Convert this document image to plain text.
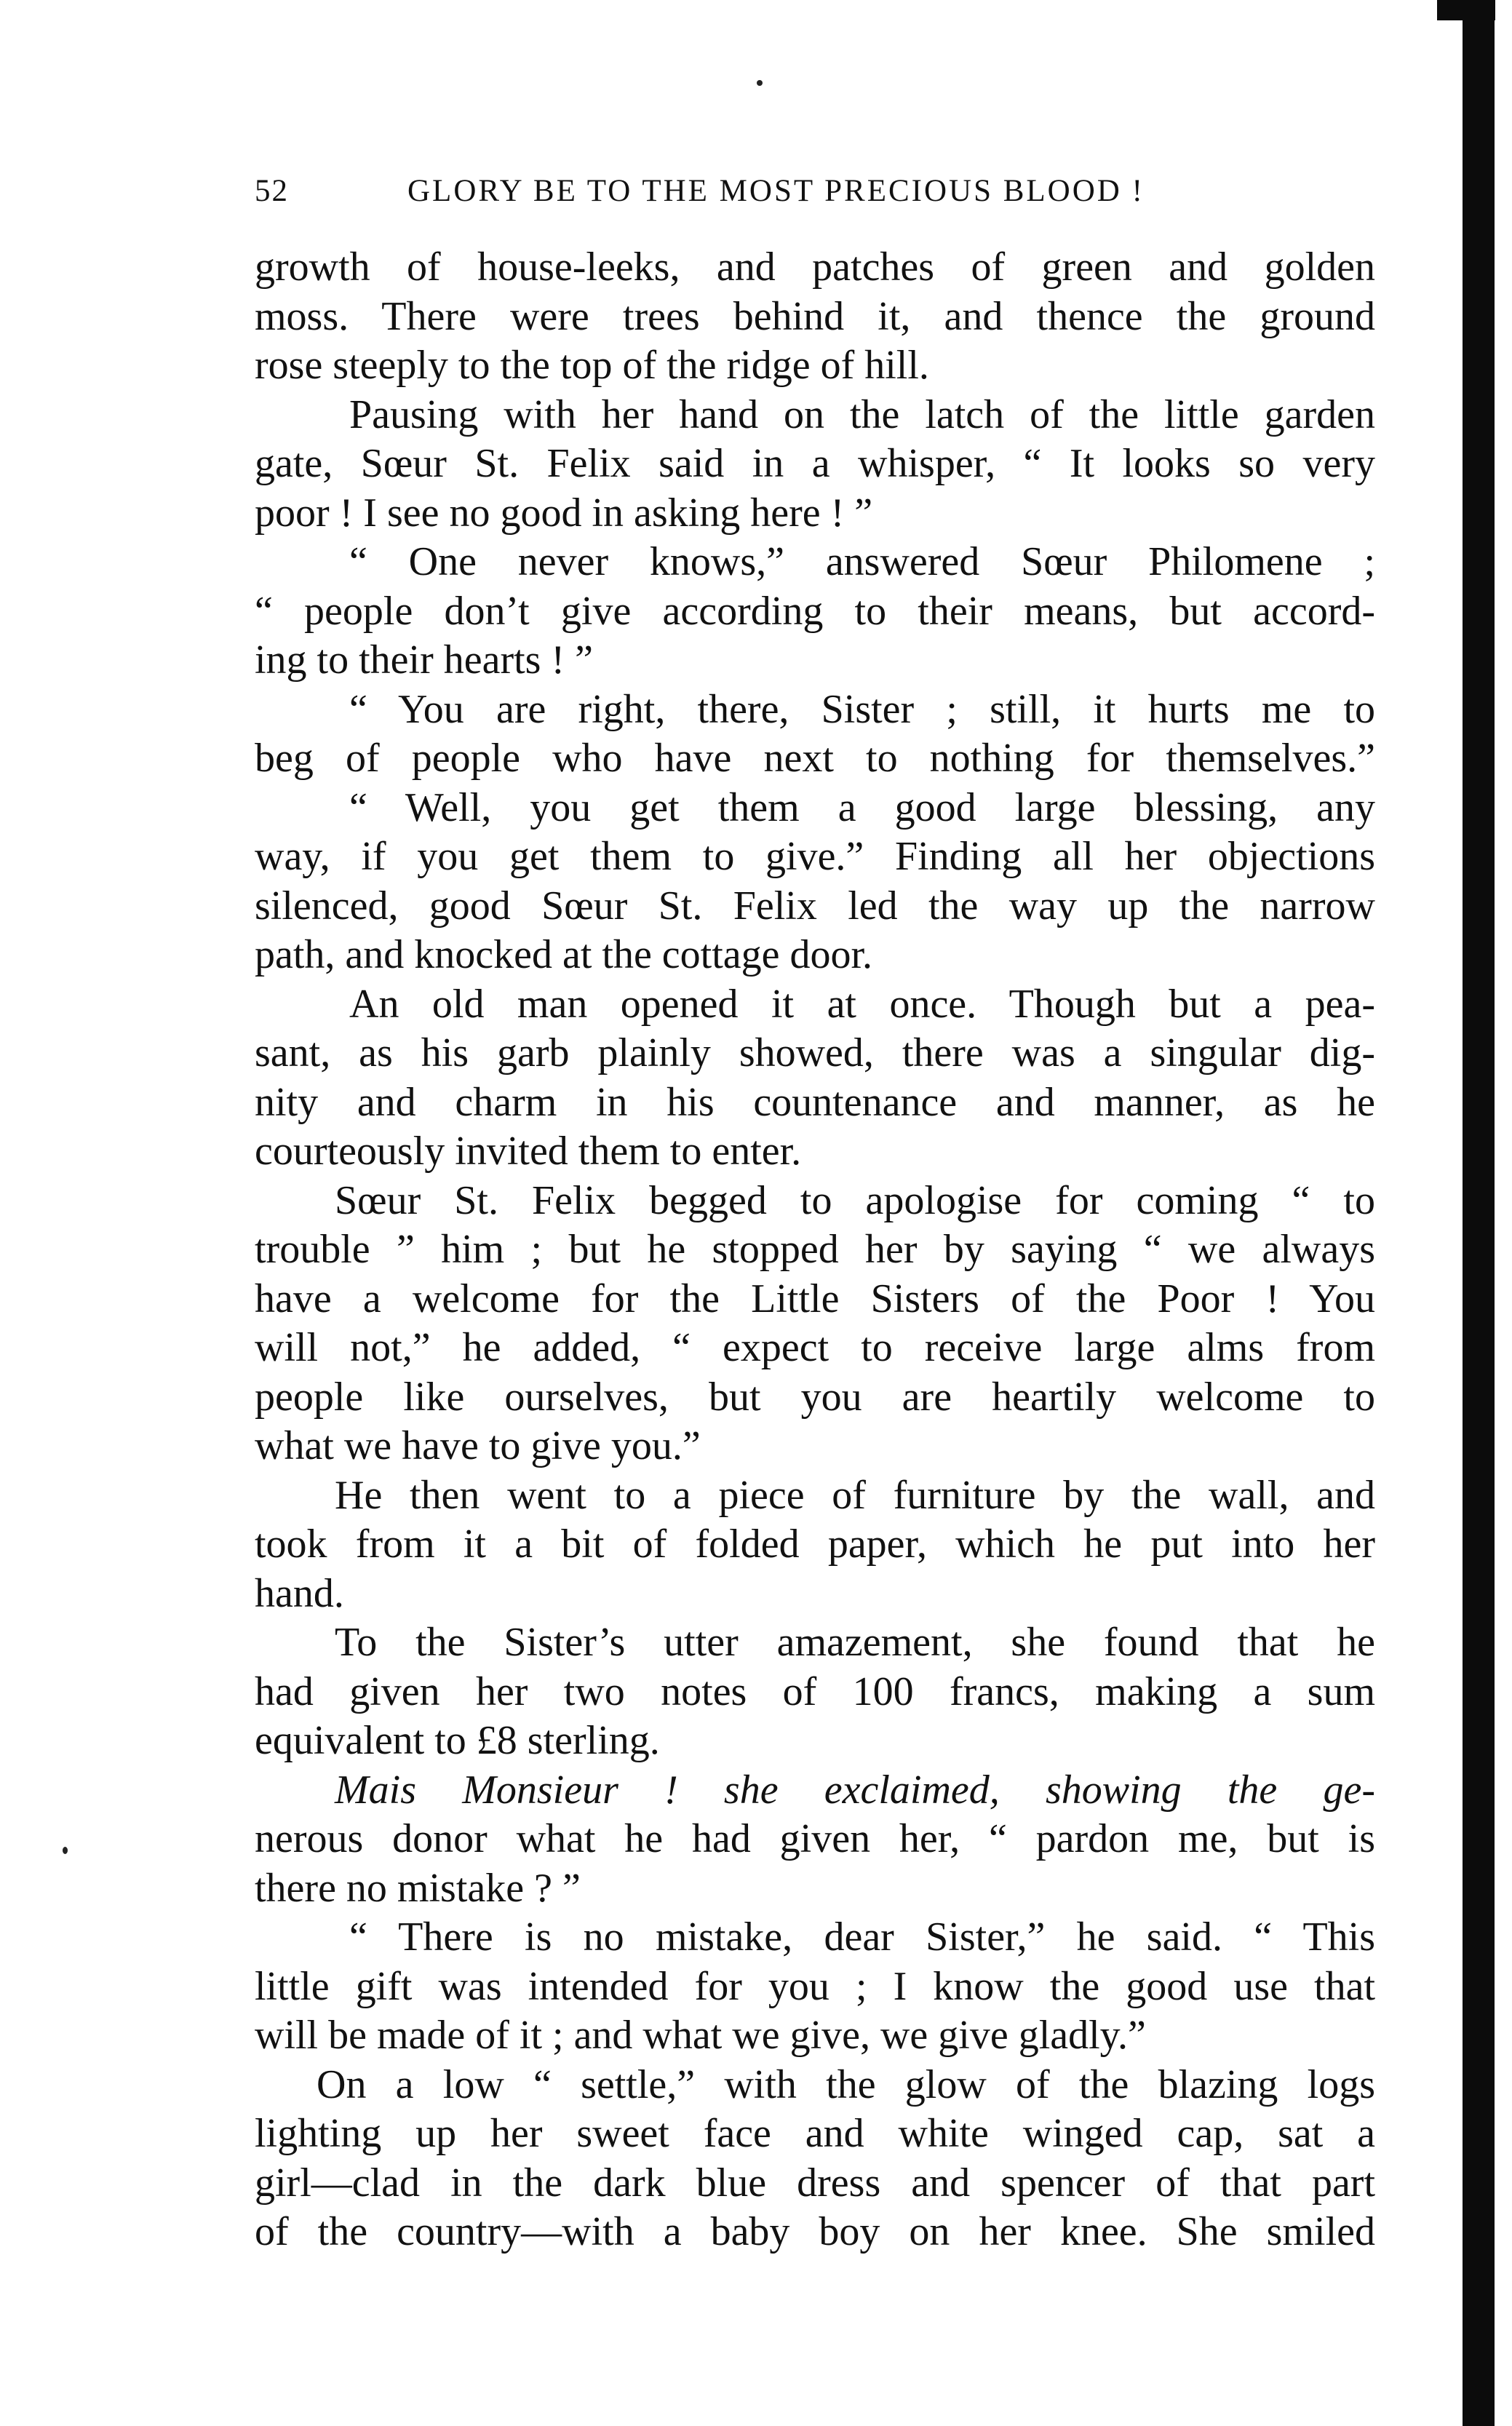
52	GLORY BE TO THE MOST PRECIOUS BLOOD !
growth of house-leeks, and patches of green and golden
moss. There were trees behind it, and thence the ground
rose steeply to the top of the ridge of hill.
Pausing with her hand on the latch of the little garden
gate, Sœur St. Felix said in a whisper, “ It looks so very
poor ! I see no good in asking here ! ”
“ One never knows,” answered Sœur Philomene ;
“ people don’t give according to their means, but accord-
ing to their hearts ! ”
“ You are right, there, Sister ; still, it hurts me to
beg of people who have next to nothing for themselves.”
“ Well, you get them a good large blessing, any
way, if you get them to give.” Finding all her objections
silenced, good Sœur St. Felix led the way up the narrow
path, and knocked at the cottage door.
An old man opened it at once. Though but a pea-
sant, as his garb plainly showed, there was a singular dig-
nity and charm in his countenance and manner, as he
courteously invited them to enter.
Sœur St. Felix begged to apologise for coming “ to
trouble ” him ; but he stopped her by saying “ we always
have a welcome for the Little Sisters of the Poor ! You
will not,” he added, “ expect to receive large alms from
people like ourselves, but you are heartily welcome to
what we have to give you.”
He then went to a piece of furniture by the wall, and
took from it a bit of folded paper, which he put into her
hand.
To the Sister’s utter amazement, she found that he
had given her two notes of 100 francs, making a sum
equivalent to £8 sterling.
Mais Monsieur ! she exclaimed, showing the ge-
nerous donor what he had given her, “ pardon me, but is
there no mistake ? ”
“ There is no mistake, dear Sister,” he said. “ This
little gift was intended for you ; I know the good use that
will be made of it ; and what we give, we give gladly.”
On a low “ settle,” with the glow of the blazing logs
lighting up her sweet face and white winged cap, sat a
girl—clad in the dark blue dress and spencer of that part
of the country—with a baby boy on her knee. She smiled
